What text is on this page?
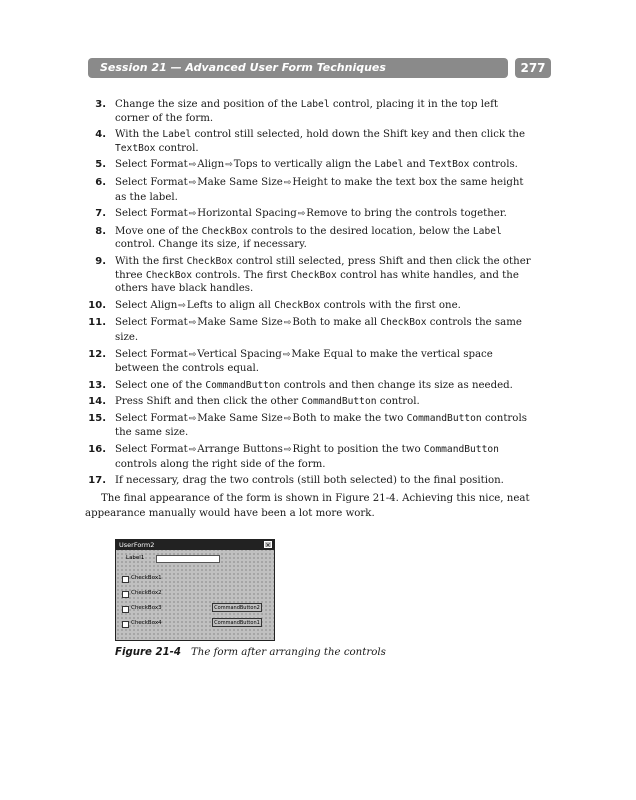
Session 21 — Advanced User Form Techniques	277
3. Change the size and position of the Label control, placing it in the top left corner of the form.
4. With the Label control still selected, hold down the Shift key and then click the TextBox control.
5. Select Format⇨Align⇨Tops to vertically align the Label and TextBox controls.
6. Select Format⇨Make Same Size⇨Height to make the text box the same height as the label.
7. Select Format⇨Horizontal Spacing⇨Remove to bring the controls together.
8. Move one of the CheckBox controls to the desired location, below the Label control. Change its size, if necessary.
9. With the first CheckBox control still selected, press Shift and then click the other three CheckBox controls. The first CheckBox control has white handles, and the others have black handles.
10. Select Align⇨Lefts to align all CheckBox controls with the first one.
11. Select Format⇨Make Same Size⇨Both to make all CheckBox controls the same size.
12. Select Format⇨Vertical Spacing⇨Make Equal to make the vertical space between the controls equal.
13. Select one of the CommandButton controls and then change its size as needed.
14. Press Shift and then click the other CommandButton control.
15. Select Format⇨Make Same Size⇨Both to make the two CommandButton controls the same size.
16. Select Format⇨Arrange Buttons⇨Right to position the two CommandButton controls along the right side of the form.
17. If necessary, drag the two controls (still both selected) to the final position.

The final appearance of the form is shown in Figure 21-4. Achieving this nice, neat appearance manually would have been a lot more work.

UserForm2	×
Label1
CheckBox1
CheckBox2
CheckBox3
CheckBox4
CommandButton2
CommandButton1
Figure 21-4 The form after arranging the controls
